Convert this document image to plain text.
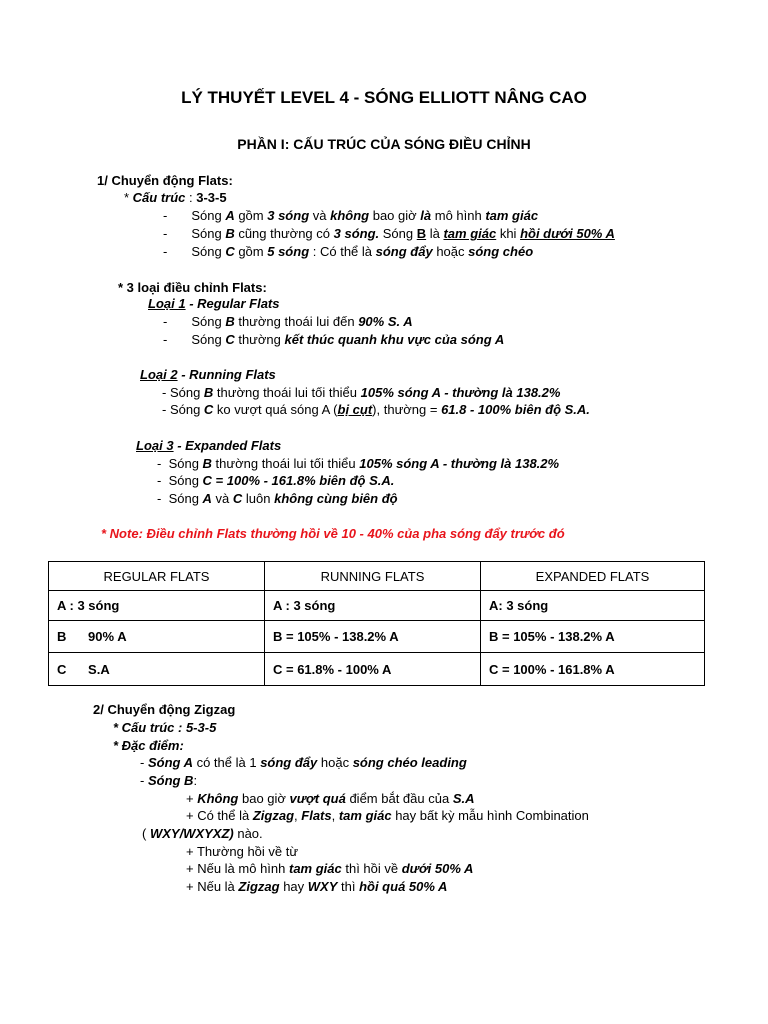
LÝ THUYẾT LEVEL 4 - SÓNG ELLIOTT NÂNG CAO
PHẦN I: CẤU TRÚC CỦA SÓNG ĐIỀU CHỈNH
1/ Chuyển động Flats:
* Cấu trúc : 3-3-5
- Sóng A gồm 3 sóng và không bao giờ là mô hình tam giác
- Sóng B cũng thường có 3 sóng. Sóng B là tam giác khi hồi dưới 50% A
- Sóng C gồm 5 sóng : Có thể là sóng đẩy hoặc sóng chéo
* 3 loại điều chỉnh Flats:
Loại 1 - Regular Flats
- Sóng B thường thoái lui đến 90% S. A
- Sóng C thường kết thúc quanh khu vực của sóng A
Loại 2 - Running Flats
- Sóng B thường thoái lui tối thiểu 105% sóng A - thường là 138.2%
- Sóng C ko vượt quá sóng A (bị cụt), thường = 61.8 - 100% biên độ S.A.
Loại 3 - Expanded Flats
-  Sóng B thường thoái lui tối thiểu 105% sóng A - thường là 138.2%
-  Sóng C = 100% - 161.8% biên độ S.A.
-  Sóng A và C luôn không cùng biên độ
* Note: Điều chỉnh Flats thường hồi về 10 - 40% của pha sóng đẩy trước đó
REGULAR FLATS	RUNNING FLATS	EXPANDED FLATS
A : 3 sóng	A : 3 sóng	A: 3 sóng
B      90% A	B = 105% - 138.2% A	B = 105% - 138.2% A
C      S.A	C = 61.8% - 100% A	C = 100% - 161.8% A
2/ Chuyển động Zigzag
* Cấu trúc : 5-3-5
* Đặc điểm:
- Sóng A có thể là 1 sóng đẩy hoặc sóng chéo leading
- Sóng B:
+ Không bao giờ vượt quá điểm bắt đầu của S.A
+ Có thể là Zigzag, Flats, tam giác hay bất kỳ mẫu hình Combination
( WXY/WXYXZ) nào.
+ Thường hồi về từ
+ Nếu là mô hình tam giác thì hồi về dưới 50% A
+ Nếu là Zigzag hay WXY thì hồi quá 50% A
